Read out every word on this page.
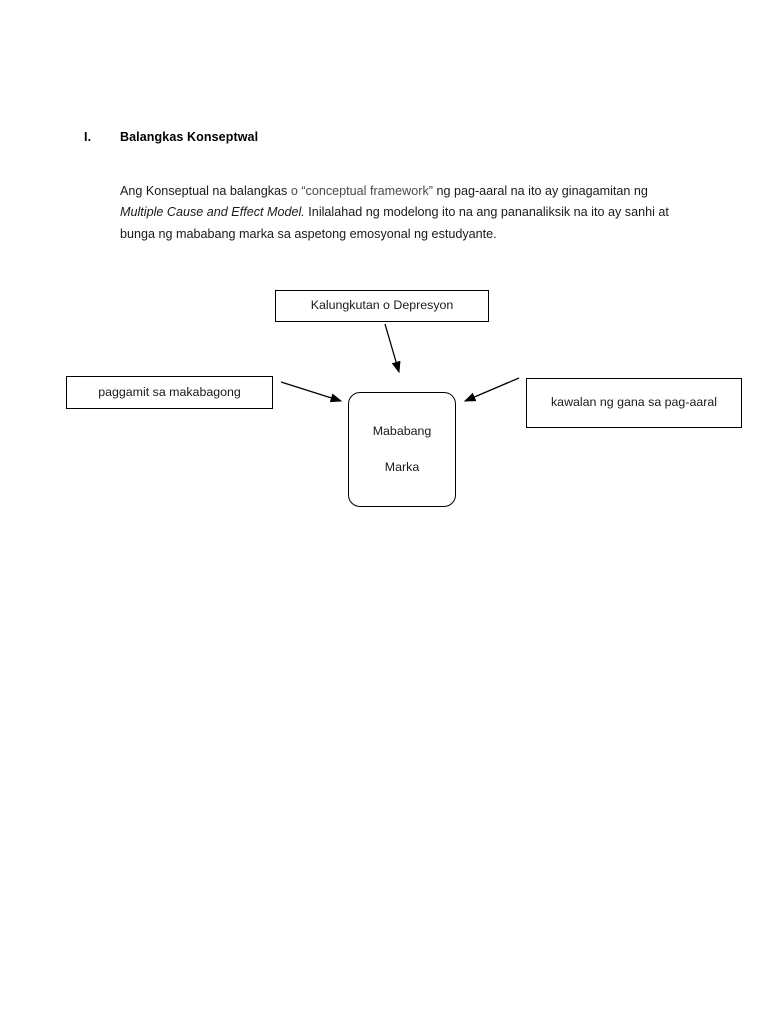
I. Balangkas Konseptwal

Ang Konseptual na balangkas o “conceptual framework” ng pag-aaral na ito ay ginagamitan ng Multiple Cause and Effect Model. Inilalahad ng modelong ito na ang pananaliksik na ito ay sanhi at bunga ng mababang marka sa aspetong emosyonal ng estudyante.

Kalungkutan o Depresyon
paggamit sa makabagong
kawalan ng gana sa pag-aaral
Mababang
Marka
